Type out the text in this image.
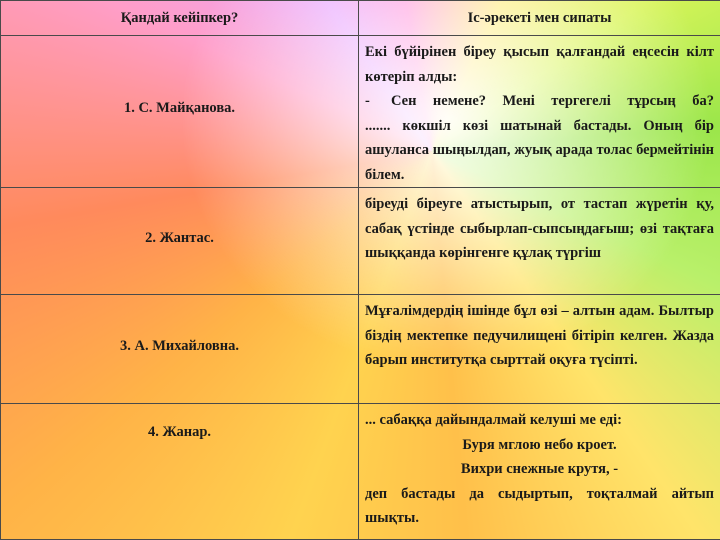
Қандай кейіпкер?	Іс-әрекеті мен сипаты

1. С. Майқанова.	Екі бүйірінен біреу қысып қалғандай еңсесін кілт көтеріп алды:

- Сен немене? Мені тергегелі тұрсың ба?

....... көкшіл көзі шатынай бастады. Оның бір ашуланса шыңылдап, жуық арада толас бермейтінін білем.

2. Жантас.	біреуді біреуге атыстырып, от тастап жүретін қу, сабақ үстінде сыбырлап-сыпсыңдағыш; өзі тақтаға шыққанда көрінгенге құлақ түргіш

3. А. Михайловна.	Мұғалімдердің ішінде бұл өзі – алтын адам. Былтыр біздің мектепке педучилищені бітіріп келген. Жазда барып институтқа сырттай оқуға түсіпті.

4. Жанар.	... сабаққа дайындалмай келуші ме еді:

Буря мглою небо кроет.

Вихри снежные крутя, -

деп бастады да сыдыртып, тоқталмай айтып шықты.
